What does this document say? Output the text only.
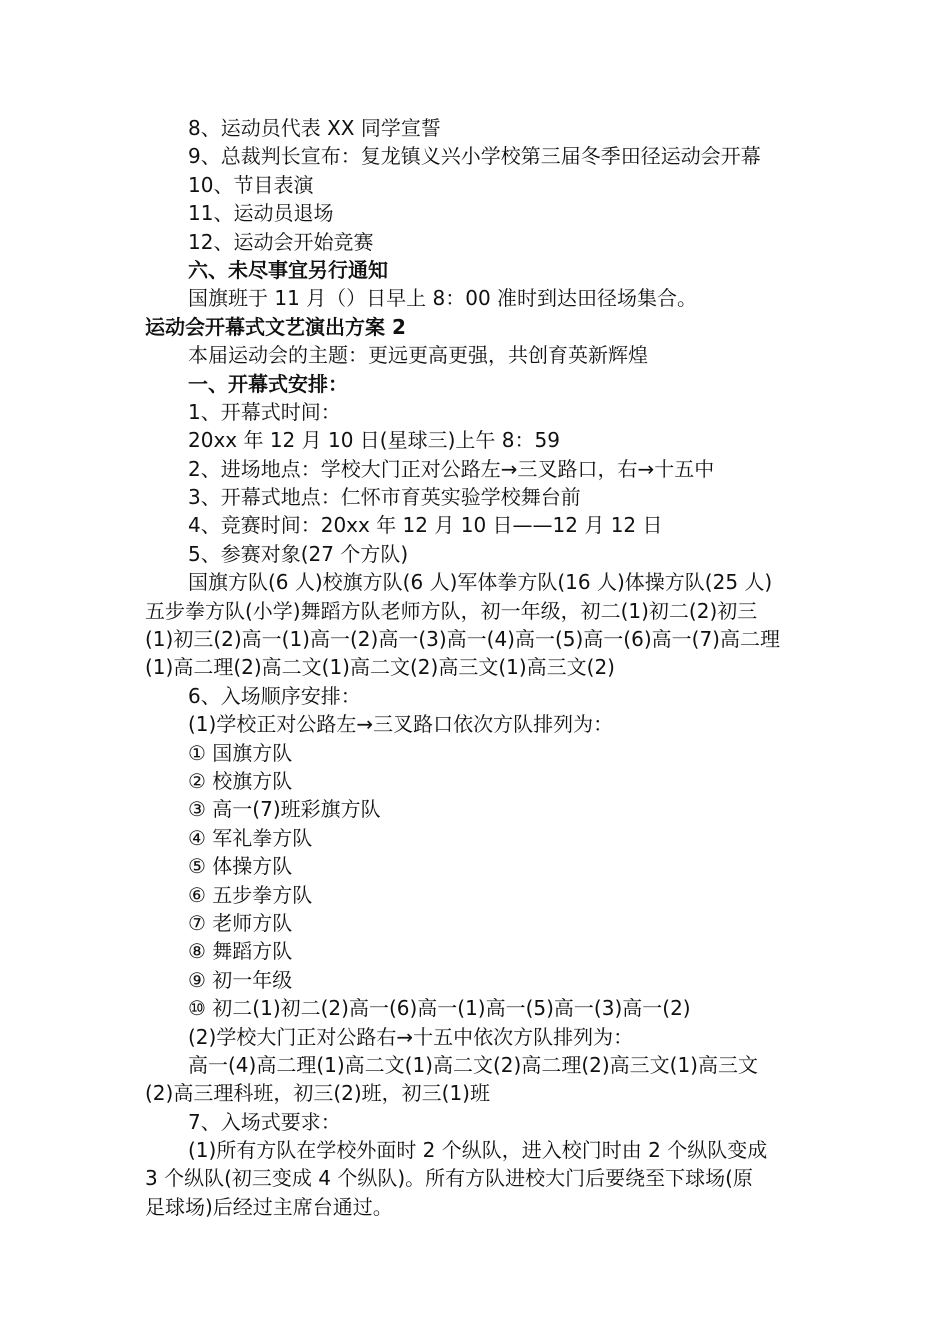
8、运动员代表 XX 同学宣誓
9、总裁判长宣布：复龙镇义兴小学校第三届冬季田径运动会开幕
10、节目表演
11、运动员退场
12、运动会开始竞赛
六、未尽事宜另行通知
国旗班于 11 月（）日早上 8：00 准时到达田径场集合。
运动会开幕式文艺演出方案 2
本届运动会的主题：更远更高更强，共创育英新辉煌
一、开幕式安排：
1、开幕式时间：
20xx 年 12 月 10 日(星球三)上午 8：59
2、进场地点：学校大门正对公路左→三叉路口，右→十五中
3、开幕式地点：仁怀市育英实验学校舞台前
4、竞赛时间：20xx 年 12 月 10 日——12 月 12 日
5、参赛对象(27 个方队)
国旗方队(6 人)校旗方队(6 人)军体拳方队(16 人)体操方队(25 人)
五步拳方队(小学)舞蹈方队老师方队，初一年级，初二(1)初二(2)初三
(1)初三(2)高一(1)高一(2)高一(3)高一(4)高一(5)高一(6)高一(7)高二理
(1)高二理(2)高二文(1)高二文(2)高三文(1)高三文(2)
6、入场顺序安排：
(1)学校正对公路左→三叉路口依次方队排列为：
① 国旗方队
② 校旗方队
③ 高一(7)班彩旗方队
④ 军礼拳方队
⑤ 体操方队
⑥ 五步拳方队
⑦ 老师方队
⑧ 舞蹈方队
⑨ 初一年级
⑩ 初二(1)初二(2)高一(6)高一(1)高一(5)高一(3)高一(2)
(2)学校大门正对公路右→十五中依次方队排列为：
高一(4)高二理(1)高二文(1)高二文(2)高二理(2)高三文(1)高三文
(2)高三理科班，初三(2)班，初三(1)班
7、入场式要求：
(1)所有方队在学校外面时 2 个纵队，进入校门时由 2 个纵队变成
3 个纵队(初三变成 4 个纵队)。所有方队进校大门后要绕至下球场(原
足球场)后经过主席台通过。
